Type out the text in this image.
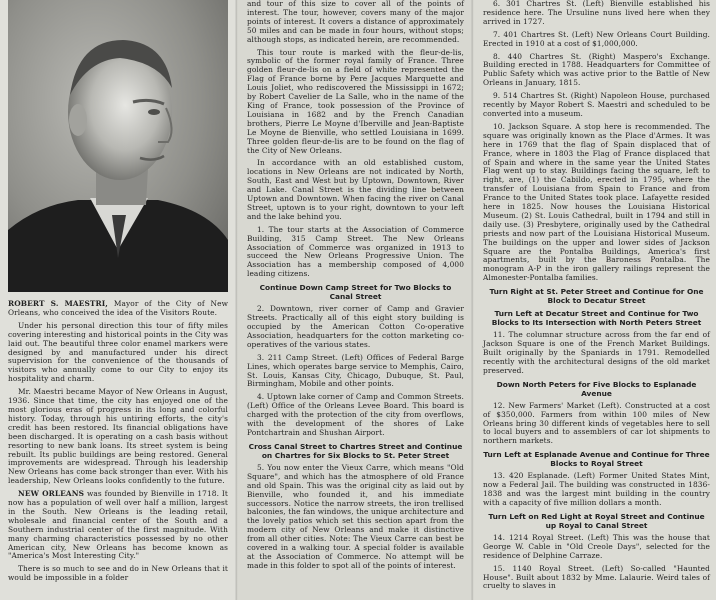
ROBERT S. MAESTRI, Mayor of the City of New Orleans, who conceived the idea of the Visitors Route.

Under his personal direction this tour of fifty miles covering interesting and historical points in the City was laid out. The beautiful three color enamel markers were designed by and manufactured under his direct supervision for the convenience of the thousands of visitors who annually come to our City to enjoy its hospitality and charm.

Mr. Maestri became Mayor of New Orleans in August, 1936. Since that time, the city has enjoyed one of the most glorious eras of progress in its long and colorful history. Today, through his untiring efforts, the city's credit has been restored. Its financial obligations have been discharged. It is operating on a cash basis without resorting to new bank loans. Its street system is being rebuilt. Its public buildings are being restored. General improvements are widespread. Through his leadership New Orleans has come back stronger than ever. With his leadership, New Orleans looks confidently to the future.

NEW ORLEANS was founded by Bienville in 1718. It now has a population of well over half a million, largest in the South. New Orleans is the leading retail, wholesale and financial center of the South and a Southern industrial center of the first magnitude. With many charming characteristics possessed by no other American city, New Orleans has become known as "America's Most Interesting City."

There is so much to see and do in New Orleans that it would be impossible in a folder

and tour of this size to cover all of the points of interest. The tour, however, covers many of the major points of interest. It covers a distance of approximately 50 miles and can be made in four hours, without stops; although stops, as indicated herein, are recommended.

This tour route is marked with the fleur-de-lis, symbolic of the former royal family of France. Three golden fleur-de-lis on a field of white represented the Flag of France borne by Pere Jacques Marquette and Louis Joliet, who rediscovered the Mississippi in 1672; by Robert Cavelier de La Salle, who in the name of the King of France, took possession of the Province of Louisiana in 1682 and by the French Canadian brothers, Pierre Le Moyne d'Iberville and Jean-Baptiste Le Moyne de Bienville, who settled Louisiana in 1699. Three golden fleur-de-lis are to be found on the flag of the City of New Orleans.

In accordance with an old established custom, locations in New Orleans are not indicated by North, South, East and West but by Uptown, Downtown, River and Lake. Canal Street is the dividing line between Uptown and Downtown. When facing the river on Canal Street, uptown is to your right, downtown to your left and the lake behind you.

1. The tour starts at the Association of Commerce Building, 315 Camp Street. The New Orleans Association of Commerce was organized in 1913 to succeed the New Orleans Progressive Union. The Association has a membership composed of 4,000 leading citizens.

Continue Down Camp Street for Two Blocks to Canal Street

2. Downtown, river corner of Camp and Gravier Streets. Practically all of this eight story building is occupied by the American Cotton Co-operative Association, headquarters for the cotton marketing co-operatives of the various states.

3. 211 Camp Street. (Left) Offices of Federal Barge Lines, which operates barge service to Memphis, Cairo, St. Louis, Kansas City, Chicago, Dubuque, St. Paul, Birmingham, Mobile and other points.

4. Uptown lake corner of Camp and Common Streets. (Left) Office of the Orleans Levee Board. This board is charged with the protection of the city from overflows, with the development of the shores of Lake Pontchartrain and Shushan Airport.

Cross Canal Street to Chartres Street and Continue on Chartres for Six Blocks to St. Peter Street

5. You now enter the Vieux Carre, which means "Old Square", and which has the atmosphere of old France and old Spain. This was the original city as laid out by Bienville, who founded it, and his immediate successors. Notice the narrow streets, the iron trellised balconies, the fan windows, the unique architecture and the lovely patios which set this section apart from the modern city of New Orleans and make it distinctive from all other cities. Note: The Vieux Carre can best be covered in a walking tour. A special folder is available at the Association of Commerce. No attempt will be made in this folder to spot all of the points of interest.

6. 301 Chartres St. (Left) Bienville established his residence here. The Ursuline nuns lived here when they arrived in 1727.

7. 401 Chartres St. (Left) New Orleans Court Building. Erected in 1910 at a cost of $1,000,000.

8. 440 Chartres St. (Right) Maspero's Exchange. Building erected in 1788. Headquarters for Committee of Public Safety which was active prior to the Battle of New Orleans in January, 1815.

9. 514 Chartres St. (Right) Napoleon House, purchased recently by Mayor Robert S. Maestri and scheduled to be converted into a museum.

10. Jackson Square. A stop here is recommended. The square was originally known as the Place d'Armes. It was here in 1769 that the flag of Spain displaced that of France, where in 1803 the Flag of France displaced that of Spain and where in the same year the United States Flag went up to stay. Buildings facing the square, left to right, are, (1) the Cabildo, erected in 1795, where the transfer of Louisiana from Spain to France and from France to the United States took place. Lafayette resided here in 1825. Now houses the Louisiana Historical Museum. (2) St. Louis Cathedral, built in 1794 and still in daily use. (3) Presbytere, originally used by the Cathedral priests and now part of the Louisiana Historical Museum. The buildings on the upper and lower sides of Jackson Square are the Pontalba Buildings, America's first apartments, built by the Baroness Pontalba. The monogram A-P in the iron gallery railings represent the Almonester-Pontalba families.

Turn Right at St. Peter Street and Continue for One Block to Decatur Street
Turn Left at Decatur Street and Continue for Two Blocks to Its Intersection with North Peters Street

11. The columnar structure across from the far end of Jackson Square is one of the French Market Buildings. Built originally by the Spaniards in 1791. Remodelled recently with the architectural designs of the old market preserved.

Down North Peters for Five Blocks to Esplanade Avenue

12. New Farmers' Market (Left). Constructed at a cost of $350,000. Farmers from within 100 miles of New Orleans bring 30 different kinds of vegetables here to sell to local buyers and to assemblers of car lot shipments to northern markets.

Turn Left at Esplanade Avenue and Continue for Three Blocks to Royal Street

13. 420 Esplanade. (Left) Former United States Mint, now a Federal Jail. The building was constructed in 1836-1838 and was the largest mint building in the country with a capacity of five million dollars a month.

Turn Left on Red Light at Royal Street and Continue up Royal to Canal Street

14. 1214 Royal Street. (Left) This was the house that George W. Cable in "Old Creole Days", selected for the residence of Delphine Carraze.

15. 1140 Royal Street. (Left) So-called "Haunted House". Built about 1832 by Mme. Lalaurie. Weird tales of cruelty to slaves in
